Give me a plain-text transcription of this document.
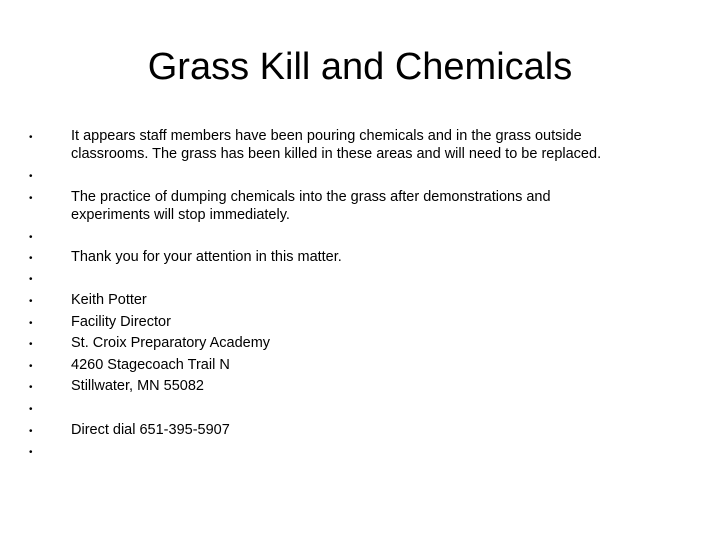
Grass Kill and Chemicals
•	It appears staff members have been pouring chemicals and in the grass outside
classrooms. The grass has been killed in these areas and will need to be replaced.
•
•	The practice of dumping chemicals into the grass after demonstrations and
experiments will stop immediately.
•
•	Thank you for your attention in this matter.
•
•	Keith Potter
•	Facility Director
•	St. Croix Preparatory Academy
•	4260 Stagecoach Trail N
•	Stillwater, MN 55082
•
•	Direct dial 651-395-5907
•
